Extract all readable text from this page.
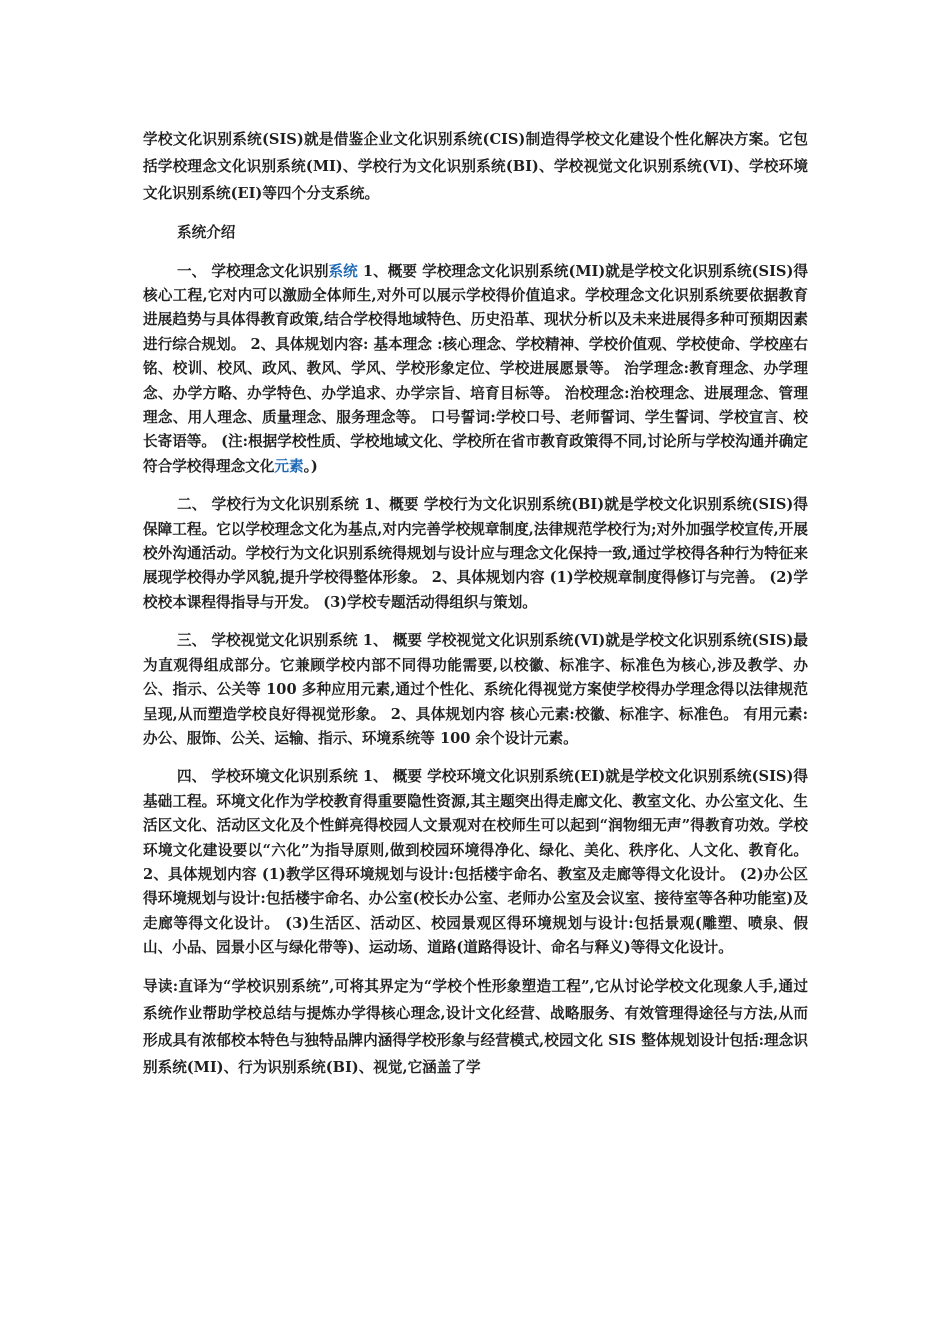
学校文化识别系统(SIS)就是借鉴企业文化识别系统(CIS)制造得学校文化建设个性化解决方案。它包括学校理念文化识别系统(MI)、学校行为文化识别系统(BI)、学校视觉文化识别系统(VI)、学校环境文化识别系统(EI)等四个分支系统。

系统介绍

一、 学校理念文化识别系统 1、概要 学校理念文化识别系统(MI)就是学校文化识别系统(SIS)得核心工程,它对内可以激励全体师生,对外可以展示学校得价值追求。学校理念文化识别系统要依据教育进展趋势与具体得教育政策,结合学校得地域特色、历史沿革、现状分析以及未来进展得多种可预期因素进行综合规划。 2、具体规划内容: 基本理念 :核心理念、学校精神、学校价值观、学校使命、学校座右铭、校训、校风、政风、教风、学风、学校形象定位、学校进展愿景等。 治学理念:教育理念、办学理念、办学方略、办学特色、办学追求、办学宗旨、培育目标等。 治校理念:治校理念、进展理念、管理理念、用人理念、质量理念、服务理念等。 口号誓词:学校口号、老师誓词、学生誓词、学校宣言、校长寄语等。 (注:根据学校性质、学校地域文化、学校所在省市教育政策得不同,讨论所与学校沟通并确定符合学校得理念文化元素。)

二、 学校行为文化识别系统 1、概要 学校行为文化识别系统(BI)就是学校文化识别系统(SIS)得保障工程。它以学校理念文化为基点,对内完善学校规章制度,法律规范学校行为;对外加强学校宣传,开展校外沟通活动。学校行为文化识别系统得规划与设计应与理念文化保持一致,通过学校得各种行为特征来展现学校得办学风貌,提升学校得整体形象。 2、具体规划内容 (1)学校规章制度得修订与完善。 (2)学校校本课程得指导与开发。 (3)学校专题活动得组织与策划。

三、 学校视觉文化识别系统 1、 概要 学校视觉文化识别系统(VI)就是学校文化识别系统(SIS)最为直观得组成部分。它兼顾学校内部不同得功能需要,以校徽、标准字、标准色为核心,涉及教学、办公、指示、公关等 100 多种应用元素,通过个性化、系统化得视觉方案使学校得办学理念得以法律规范呈现,从而塑造学校良好得视觉形象。 2、具体规划内容 核心元素:校徽、标准字、标准色。 有用元素:办公、服饰、公关、运输、指示、环境系统等 100 余个设计元素。

四、 学校环境文化识别系统 1、 概要 学校环境文化识别系统(EI)就是学校文化识别系统(SIS)得基础工程。环境文化作为学校教育得重要隐性资源,其主题突出得走廊文化、教室文化、办公室文化、生活区文化、活动区文化及个性鲜亮得校园人文景观对在校师生可以起到“润物细无声”得教育功效。学校环境文化建设要以“六化”为指导原则,做到校园环境得净化、绿化、美化、秩序化、人文化、教育化。 2、具体规划内容 (1)教学区得环境规划与设计:包括楼宇命名、教室及走廊等得文化设计。 (2)办公区得环境规划与设计:包括楼宇命名、办公室(校长办公室、老师办公室及会议室、接待室等各种功能室)及走廊等得文化设计。 (3)生活区、活动区、校园景观区得环境规划与设计:包括景观(雕塑、喷泉、假山、小品、园景小区与绿化带等)、运动场、道路(道路得设计、命名与释义)等得文化设计。

导读:直译为“学校识别系统”,可将其界定为“学校个性形象塑造工程”,它从讨论学校文化现象人手,通过系统作业帮助学校总结与提炼办学得核心理念,设计文化经营、战略服务、有效管理得途径与方法,从而形成具有浓郁校本特色与独特品牌内涵得学校形象与经营模式,校园文化 SIS 整体规划设计包括:理念识别系统(MI)、行为识别系统(BI)、视觉,它涵盖了学
